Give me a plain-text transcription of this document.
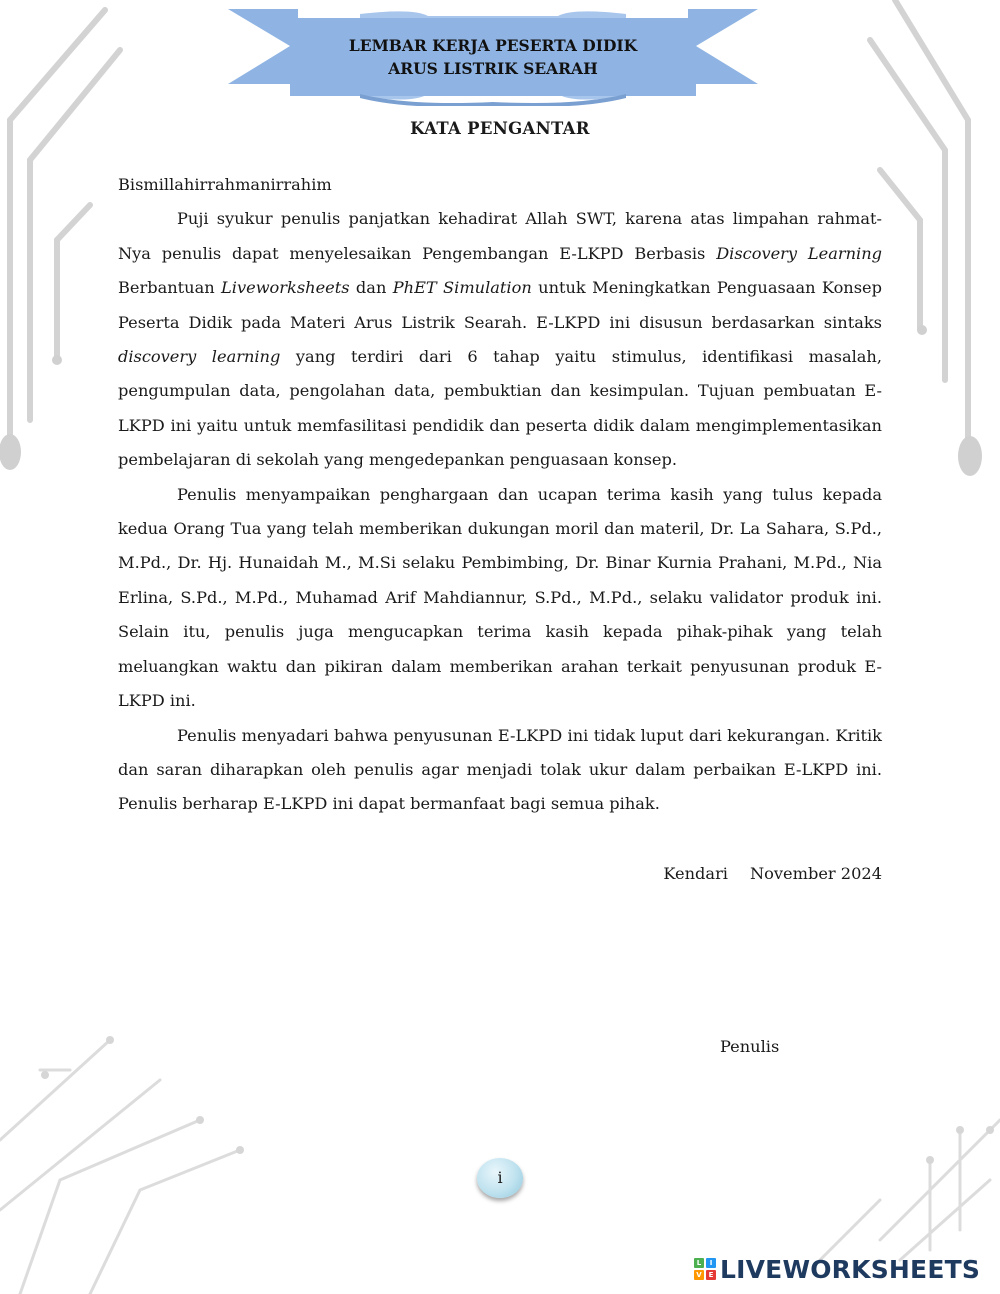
LEMBAR KERJA PESERTA DIDIK
ARUS LISTRIK SEARAH
KATA PENGANTAR

Bismillahirrahmanirrahim

Puji syukur penulis panjatkan kehadirat Allah SWT, karena atas limpahan rahmat-Nya penulis dapat menyelesaikan Pengembangan E-LKPD Berbasis Discovery Learning Berbantuan Liveworksheets dan PhET Simulation untuk Meningkatkan Penguasaan Konsep Peserta Didik pada Materi Arus Listrik Searah. E-LKPD ini disusun berdasarkan sintaks discovery learning yang terdiri dari 6 tahap yaitu stimulus, identifikasi masalah, pengumpulan data, pengolahan data, pembuktian dan kesimpulan. Tujuan pembuatan E-LKPD ini yaitu untuk memfasilitasi pendidik dan peserta didik dalam mengimplementasikan pembelajaran di sekolah yang mengedepankan penguasaan konsep.

Penulis menyampaikan penghargaan dan ucapan terima kasih yang tulus kepada kedua Orang Tua yang telah memberikan dukungan moril dan materil, Dr. La Sahara, S.Pd., M.Pd., Dr. Hj. Hunaidah M., M.Si selaku Pembimbing, Dr. Binar Kurnia Prahani, M.Pd., Nia Erlina, S.Pd., M.Pd., Muhamad Arif Mahdiannur, S.Pd., M.Pd., selaku validator produk ini. Selain itu, penulis juga mengucapkan terima kasih kepada pihak-pihak yang telah meluangkan waktu dan pikiran dalam memberikan arahan terkait penyusunan produk E-LKPD ini.

Penulis menyadari bahwa penyusunan E-LKPD ini tidak luput dari kekurangan. Kritik dan saran diharapkan oleh penulis agar menjadi tolak ukur dalam perbaikan E-LKPD ini. Penulis berharap E-LKPD ini dapat bermanfaat bagi semua pihak.

Kendari November 2024
Penulis
i
L	I
V E LIVEWORKSHEETS
